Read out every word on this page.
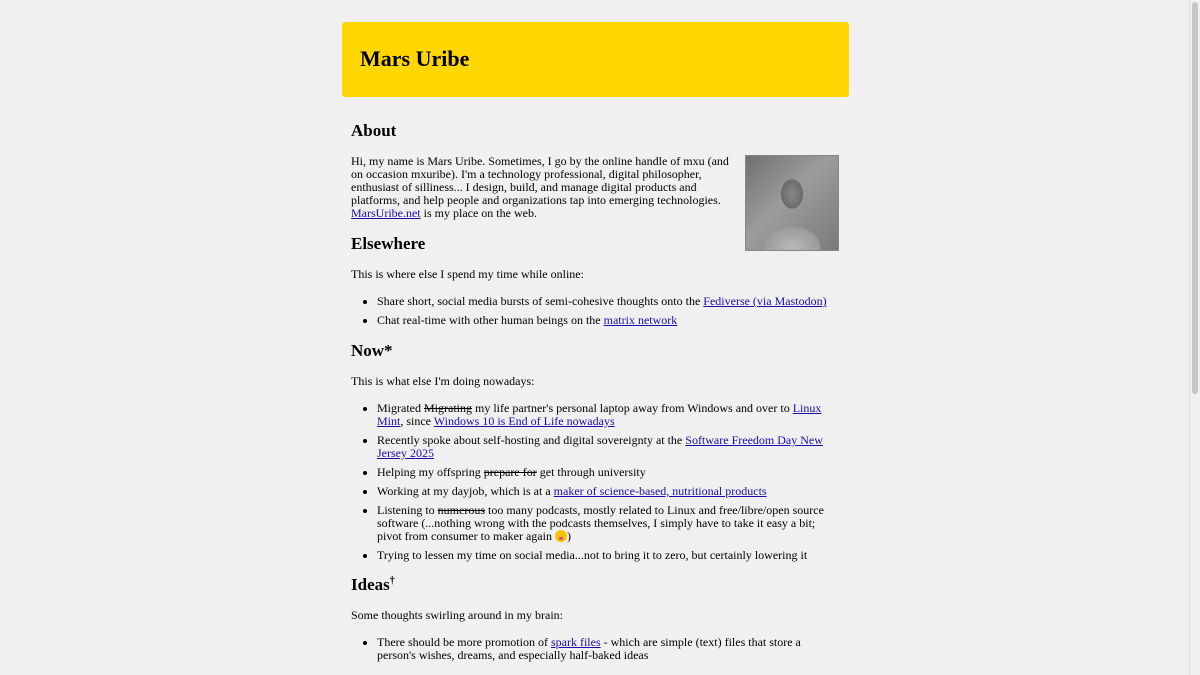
Mars Uribe
About

Hi, my name is Mars Uribe. Sometimes, I go by the online handle of mxu (and on occasion mxuribe). I'm a technology professional, digital philosopher, enthusiast of silliness... I design, build, and manage digital products and platforms, and help people and organizations tap into emerging technologies. MarsUribe.net is my place on the web.

Elsewhere

This is where else I spend my time while online:

• Share short, social media bursts of semi-cohesive thoughts onto the Fediverse (via Mastodon)
• Chat real-time with other human beings on the matrix network
Now*

This is what else I'm doing nowadays:

• Migrated Migrating my life partner's personal laptop away from Windows and over to Linux Mint, since Windows 10 is End of Life nowadays
• Recently spoke about self-hosting and digital sovereignty at the Software Freedom Day New Jersey 2025
• Helping my offspring prepare for get through university
• Working at my dayjob, which is at a maker of science-based, nutritional products
• Listening to numerous too many podcasts, mostly related to Linux and free/libre/open source software (...nothing wrong with the podcasts themselves, I simply have to take it easy a bit; pivot from consumer to maker again )
• Trying to lessen my time on social media...not to bring it to zero, but certainly lowering it
Ideas†

Some thoughts swirling around in my brain:

• There should be more promotion of spark files - which are simple (text) files that store a person's wishes, dreams, and especially half-baked ideas
